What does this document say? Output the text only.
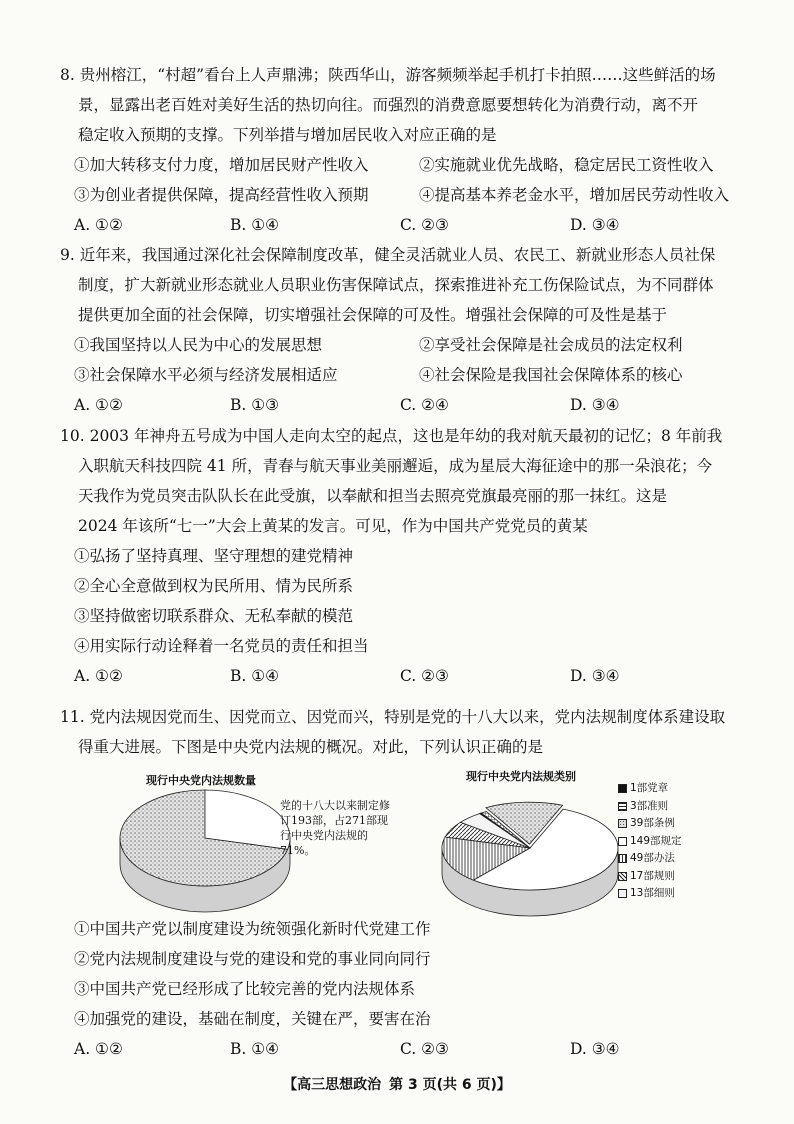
8. 贵州榕江，“村超”看台上人声鼎沸；陕西华山，游客频频举起手机打卡拍照……这些鲜活的场

景，显露出老百姓对美好生活的热切向往。而强烈的消费意愿要想转化为消费行动，离不开

稳定收入预期的支撑。下列举措与增加居民收入对应正确的是

①加大转移支付力度，增加居民财产性收入	②实施就业优先战略，稳定居民工资性收入
③为创业者提供保障，提高经营性收入预期	④提高基本养老金水平，增加居民劳动性收入
A. ①②	B. ①④	C. ②③	D. ③④

9. 近年来，我国通过深化社会保障制度改革，健全灵活就业人员、农民工、新就业形态人员社保

制度，扩大新就业形态就业人员职业伤害保障试点，探索推进补充工伤保险试点，为不同群体

提供更加全面的社会保障，切实增强社会保障的可及性。增强社会保障的可及性是基于

①我国坚持以人民为中心的发展思想	②享受社会保障是社会成员的法定权利
③社会保障水平必须与经济发展相适应	④社会保险是我国社会保障体系的核心
A. ①②	B. ①③	C. ②④	D. ③④

10. 2003 年神舟五号成为中国人走向太空的起点，这也是年幼的我对航天最初的记忆；8 年前我

入职航天科技四院 41 所，青春与航天事业美丽邂逅，成为星辰大海征途中的那一朵浪花；今

天我作为党员突击队队长在此受旗，以奉献和担当去照亮党旗最亮丽的那一抹红。这是

2024 年该所“七一”大会上黄某的发言。可见，作为中国共产党党员的黄某

①弘扬了坚持真理、坚守理想的建党精神

②全心全意做到权为民所用、情为民所系

③坚持做密切联系群众、无私奉献的模范

④用实际行动诠释着一名党员的责任和担当

A. ①②	B. ①④	C. ②③	D. ③④

11. 党内法规因党而生、因党而立、因党而兴，特别是党的十八大以来，党内法规制度体系建设取

得重大进展。下图是中央党内法规的概况。对此，下列认识正确的是

现行中央党内法规数量	现行中央党内法规类别
党的十八大以来制定修订193部，占271部现行中央党内法规的71%。
1部党章
3部准则
39部条例
149部规定
49部办法
17部规则
13部细则

①中国共产党以制度建设为统领强化新时代党建工作

②党内法规制度建设与党的建设和党的事业同向同行

③中国共产党已经形成了比较完善的党内法规体系

④加强党的建设，基础在制度，关键在严，要害在治

A. ①②	B. ①④	C. ②③	D. ③④
【高三思想政治 第 3 页(共 6 页)】
